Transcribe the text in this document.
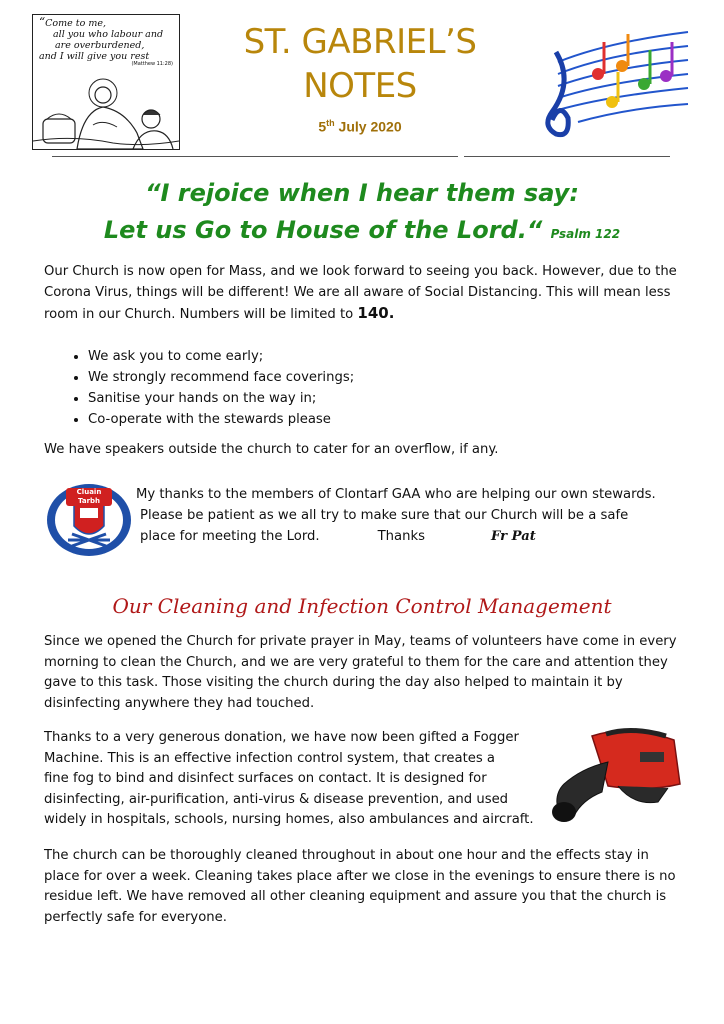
“Come to me,
all you who labour and
are overburdened,
and I will give you rest
(Matthew 11:28)
ST. GABRIEL’S
NOTES
5th July 2020
“I rejoice when I hear them say:
Let us Go to House of the Lord.“ Psalm 122
Our Church is now open for Mass, and we look forward to seeing you back. However, due to the Corona Virus, things will be different! We are all aware of Social Distancing. This will mean less room in our Church. Numbers will be limited to 140.
• We ask you to come early;
• We strongly recommend face coverings;
• Sanitise your hands on the way in;
• Co-operate with the stewards please
We have speakers outside the church to cater for an overflow, if any.
Cluain Tarbh	My thanks to the members of Clontarf GAA who are helping our own stewards.
Please be patient as we all try to make sure that our Church will be a safe
place for meeting the Lord.	Thanks	Fr Pat
Our Cleaning and Infection Control Management
Since we opened the Church for private prayer in May, teams of volunteers have come in every morning to clean the Church, and we are very grateful to them for the care and attention they gave to this task. Those visiting the church during the day also helped to maintain it by disinfecting anywhere they had touched.
Thanks to a very generous donation, we have now been gifted a Fogger
Machine. This is an effective infection control system, that creates a
fine fog to bind and disinfect surfaces on contact. It is designed for
disinfecting, air-purification, anti-virus & disease prevention, and used
widely in hospitals, schools, nursing homes, also ambulances and aircraft.
The church can be thoroughly cleaned throughout in about one hour and the effects stay in place for over a week. Cleaning takes place after we close in the evenings to ensure there is no residue left. We have removed all other cleaning equipment and assure you that the church is perfectly safe for everyone.
